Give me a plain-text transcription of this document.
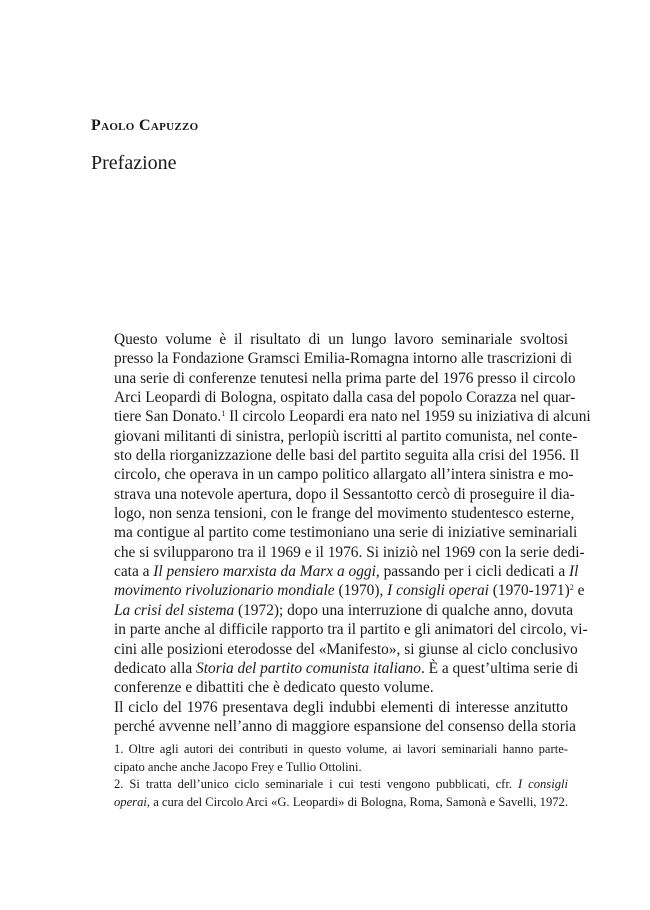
Paolo Capuzzo
Prefazione

Questo volume è il risultato di un lungo lavoro seminariale svoltosi
presso la Fondazione Gramsci Emilia-Romagna intorno alle trascrizioni di
una serie di conferenze tenutesi nella prima parte del 1976 presso il circolo
Arci Leopardi di Bologna, ospitato dalla casa del popolo Corazza nel quar-
tiere San Donato.$^1$ Il circolo Leopardi era nato nel 1959 su iniziativa di alcuni
giovani militanti di sinistra, perlopiù iscritti al partito comunista, nel conte-
sto della riorganizzazione delle basi del partito seguita alla crisi del 1956. Il
circolo, che operava in un campo politico allargato all’intera sinistra e mo-
strava una notevole apertura, dopo il Sessantotto cercò di proseguire il dia-
logo, non senza tensioni, con le frange del movimento studentesco esterne,
ma contigue al partito come testimoniano una serie di iniziative seminariali
che si svilupparono tra il 1969 e il 1976. Si iniziò nel 1969 con la serie dedi-
cata a Il pensiero marxista da Marx a oggi, passando per i cicli dedicati a Il
movimento rivoluzionario mondiale (1970), I consigli operai (1970-1971)$^2$ e
La crisi del sistema (1972); dopo una interruzione di qualche anno, dovuta
in parte anche al difficile rapporto tra il partito e gli animatori del circolo, vi-
cini alle posizioni eterodosse del «Manifesto», si giunse al ciclo conclusivo
dedicato alla Storia del partito comunista italiano. È a quest’ultima serie di
conferenze e dibattiti che è dedicato questo volume.

Il ciclo del 1976 presentava degli indubbi elementi di interesse anzitutto
perché avvenne nell’anno di maggiore espansione del consenso della storia

1. Oltre agli autori dei contributi in questo volume, ai lavori seminariali hanno parte-
cipato anche anche Jacopo Frey e Tullio Ottolini.

2. Si tratta dell’unico ciclo seminariale i cui testi vengono pubblicati, cfr. I consigli
operai, a cura del Circolo Arci «G. Leopardi» di Bologna, Roma, Samonà e Savelli, 1972.
